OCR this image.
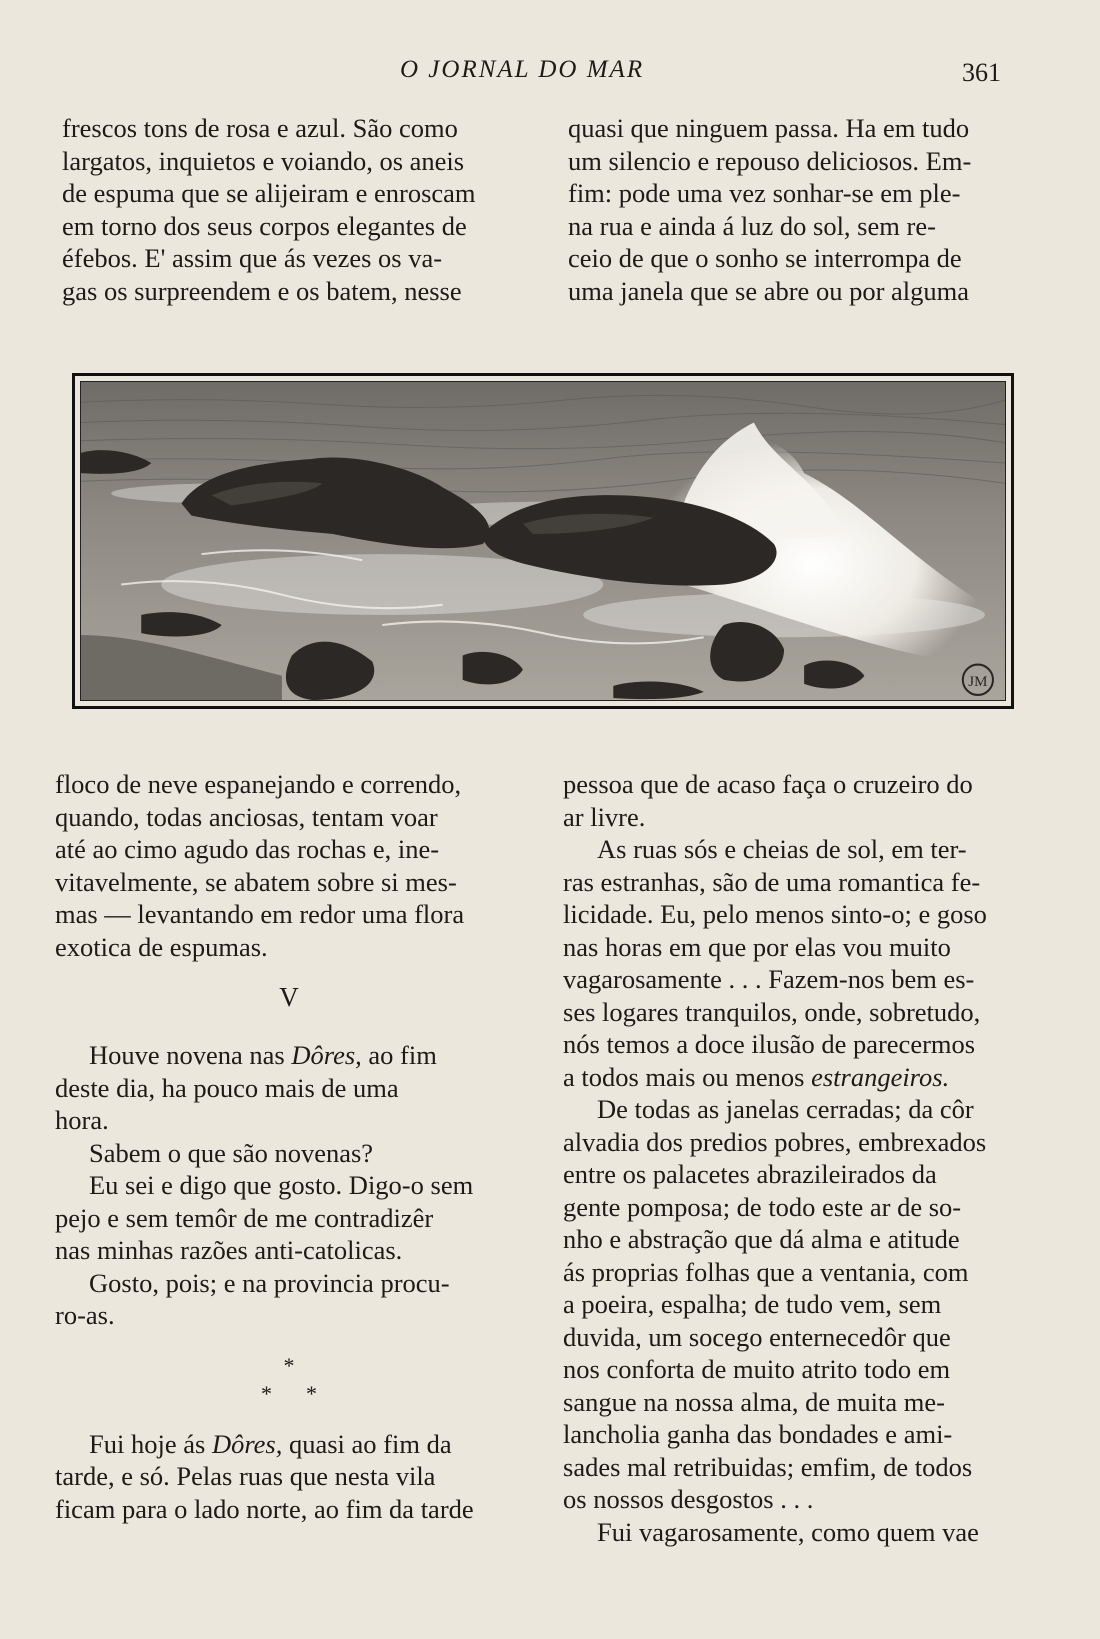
O JORNAL DO MAR	361
frescos tons de rosa e azul. São como
largatos, inquietos e voiando, os aneis
de espuma que se alijeiram e enroscam
em torno dos seus corpos elegantes de
éfebos. E' assim que ás vezes os va-
gas os surpreendem e os batem, nesse
quasi que ninguem passa. Ha em tudo
um silencio e repouso deliciosos. Em-
fim: pode uma vez sonhar-se em ple-
na rua e ainda á luz do sol, sem re-
ceio de que o sonho se interrompa de
uma janela que se abre ou por alguma
JM
floco de neve espanejando e correndo,
quando, todas anciosas, tentam voar
até ao cimo agudo das rochas e, ine-
vitavelmente, se abatem sobre si mes-
mas — levantando em redor uma flora
exotica de espumas.
V
Houve novena nas Dôres, ao fim
deste dia, ha pouco mais de uma
hora.
Sabem o que são novenas?
Eu sei e digo que gosto. Digo-o sem
pejo e sem temôr de me contradizêr
nas minhas razões anti-catolicas.
Gosto, pois; e na provincia procu-
ro-as.
*
**
Fui hoje ás Dôres, quasi ao fim da
tarde, e só. Pelas ruas que nesta vila
ficam para o lado norte, ao fim da tarde
pessoa que de acaso faça o cruzeiro do
ar livre.
As ruas sós e cheias de sol, em ter-
ras estranhas, são de uma romantica fe-
licidade. Eu, pelo menos sinto-o; e goso
nas horas em que por elas vou muito
vagarosamente . . . Fazem-nos bem es-
ses logares tranquilos, onde, sobretudo,
nós temos a doce ilusão de parecermos
a todos mais ou menos estrangeiros.
De todas as janelas cerradas; da côr
alvadia dos predios pobres, embrexados
entre os palacetes abrazileirados da
gente pomposa; de todo este ar de so-
nho e abstração que dá alma e atitude
ás proprias folhas que a ventania, com
a poeira, espalha; de tudo vem, sem
duvida, um socego enternecedôr que
nos conforta de muito atrito todo em
sangue na nossa alma, de muita me-
lancholia ganha das bondades e ami-
sades mal retribuidas; emfim, de todos
os nossos desgostos . . .
Fui vagarosamente, como quem vae
